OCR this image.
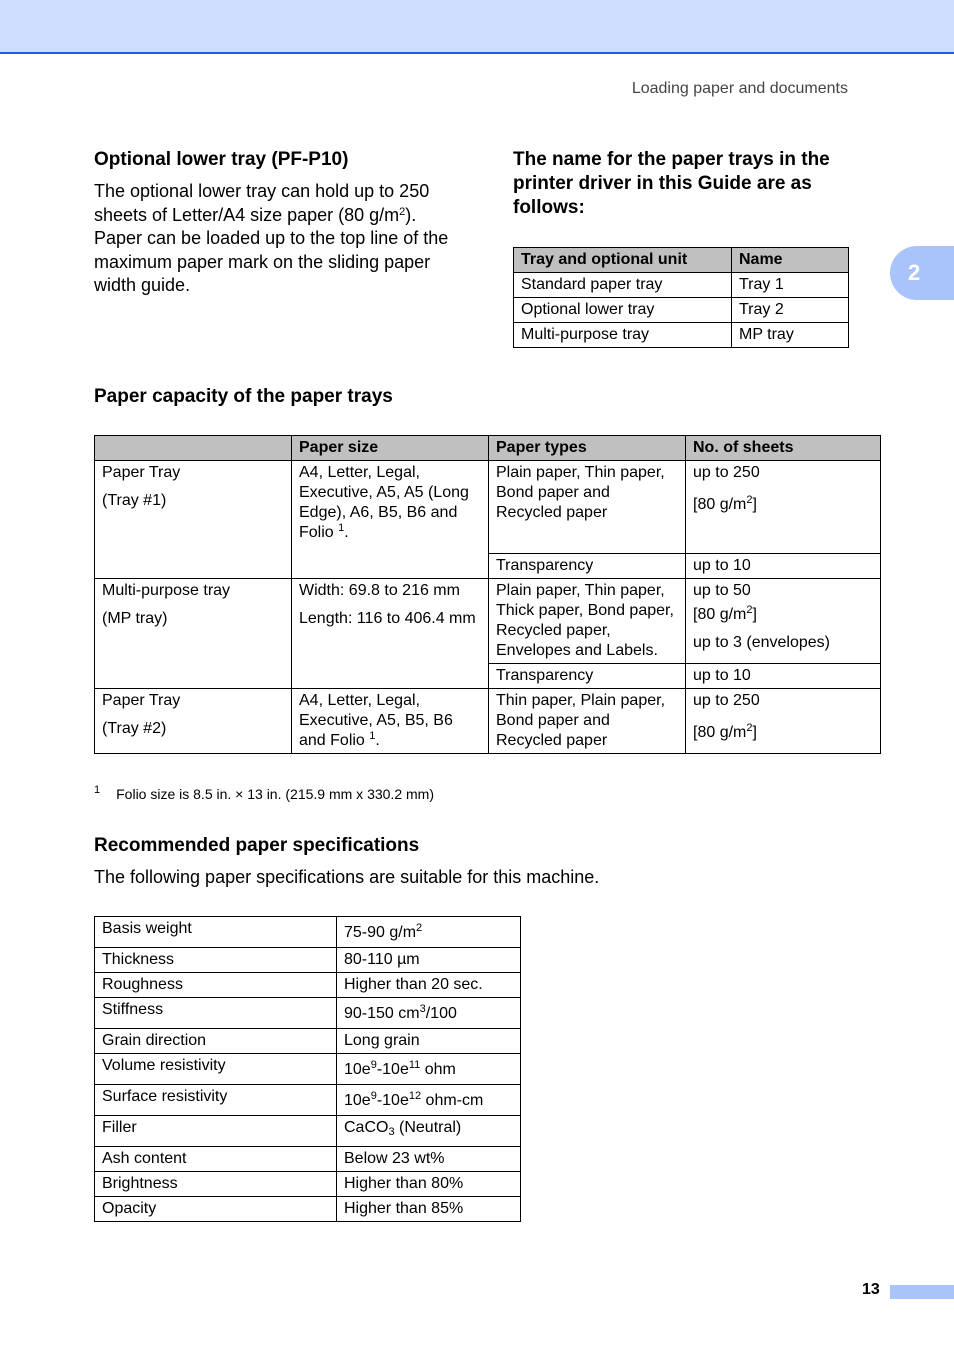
Loading paper and documents
2
Optional lower tray (PF-P10)

The optional lower tray can hold up to 250 sheets of Letter/A4 size paper (80 $g/m^2$). Paper can be loaded up to the top line of the maximum paper mark on the sliding paper width guide.

The name for the paper trays in the printer driver in this Guide are as follows:
Tray and optional unit	Name
Standard paper tray	Tray 1
Optional lower tray	Tray 2
Multi-purpose tray	MP tray
Paper capacity of the paper trays
	Paper size	Paper types	No. of sheets
Paper Tray
(Tray #1)	A4, Letter, Legal, Executive, A5, A5 (Long Edge), A6, B5, B6 and Folio $^1$.	Plain paper, Thin paper, Bond paper and Recycled paper	up to 250
[80 $g/m^2$]

		Transparency	up to 10
Multi-purpose tray
(MP tray)	Width: 69.8 to 216 mm
Length: 116 to 406.4 mm	Plain paper, Thin paper, Thick paper, Bond paper, Recycled paper, Envelopes and Labels.	up to 50
[80 $g/m^2$]
up to 3 (envelopes)

		Transparency	up to 10
Paper Tray
(Tray #2)	A4, Letter, Legal, Executive, A5, B5, B6 and Folio $^1$.	Thin paper, Plain paper, Bond paper and Recycled paper	up to 250
[80 $g/m^2$]
$^1$ Folio size is 8.5 in. × 13 in. (215.9 mm x 330.2 mm)
Recommended paper specifications

The following paper specifications are suitable for this machine.

Basis weight	75-90 $g/m^2$
Thickness	80-110 µm
Roughness	Higher than 20 sec.
Stiffness	90-150 $cm^3/100$
Grain direction	Long grain
Volume resistivity	$10e^9-10e^{11}$ ohm
Surface resistivity	$10e^9-10e^{12}$ ohm-cm
Filler	CaCO$_3$ (Neutral)
Ash content	Below 23 wt%
Brightness	Higher than 80%
Opacity	Higher than 85%
13
